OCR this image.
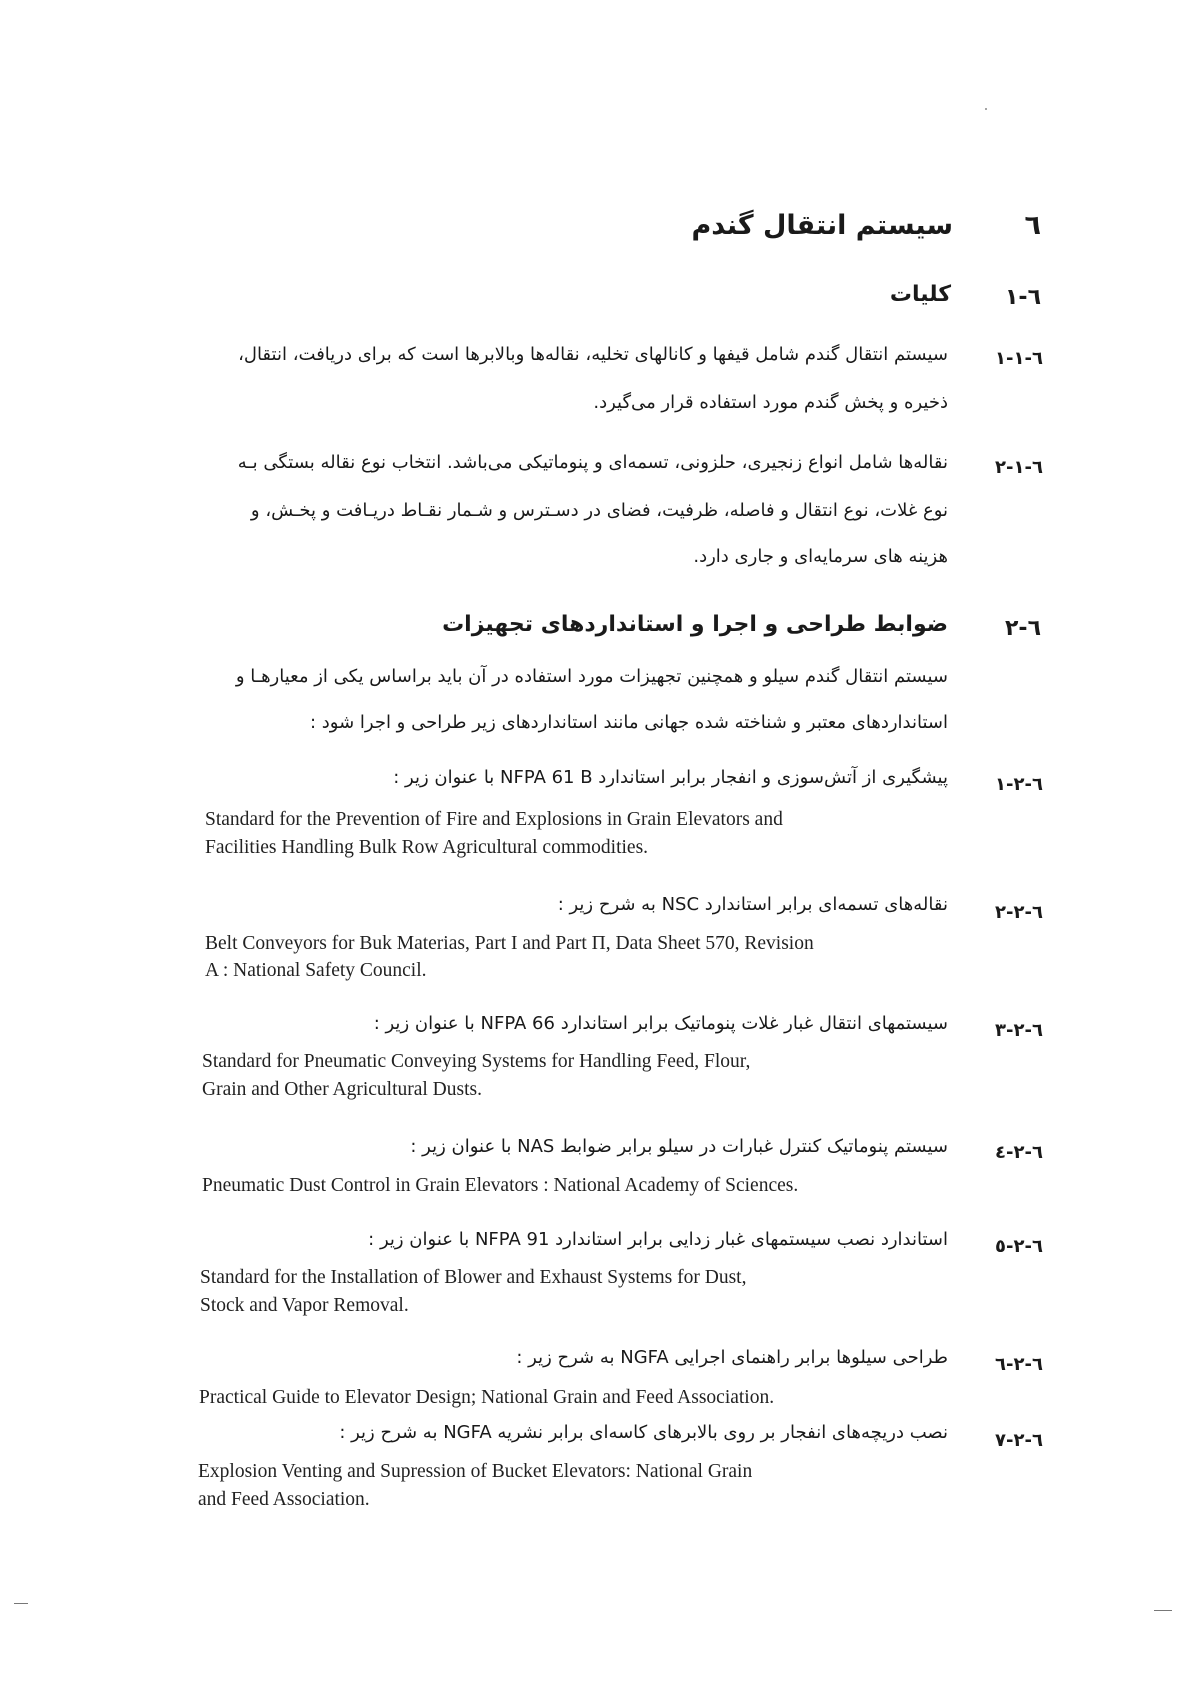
٦
سیستم انتقال گندم
٦-١
کلیات
٦-١-١
سیستم انتقال گندم شامل قیفها و کانالهای تخلیه، نقاله‌ها وبالابرها است که برای دریافت، انتقال،
ذخیره و پخش گندم مورد استفاده قرار می‌گیرد.
٦-١-٢
نقاله‌ها شامل انواع زنجیری، حلزونی، تسمه‌ای و پنوماتیکی می‌باشد. انتخاب نوع نقاله بستگی بـه
نوع غلات، نوع انتقال و فاصله، ظرفیت، فضای در دسـترس و شـمار نقـاط دریـافت و پخـش، و
هزینه های سرمایه‌ای و جاری دارد.
٦-٢
ضوابط طراحی و اجرا و استانداردهای تجهیزات
سیستم انتقال گندم سیلو و همچنین تجهیزات مورد استفاده در آن باید براساس یکی از معیارهـا و
استانداردهای معتبر و شناخته شده جهانی مانند استانداردهای زیر طراحی و اجرا شود :
٦-٢-١
پیشگیری از آتش‌سوزی و انفجار برابر استاندارد NFPA 61 B با عنوان زیر :
Standard for the Prevention of Fire and Explosions in Grain Elevators and
Facilities Handling Bulk Row Agricultural commodities.
٦-٢-٢
نقاله‌های تسمه‌ای برابر استاندارد NSC به شرح زیر :
Belt Conveyors for Buk Materias, Part I and Part П, Data Sheet 570, Revision
A : National Safety Council.
٦-٢-٣
سیستمهای انتقال غبار غلات پنوماتیک برابر استاندارد NFPA 66 با عنوان زیر :
Standard for Pneumatic Conveying Systems for Handling Feed, Flour,
Grain and Other Agricultural Dusts.
٦-٢-٤
سیستم پنوماتیک کنترل غبارات در سیلو برابر ضوابط NAS با عنوان زیر :
Pneumatic Dust Control in Grain Elevators : National Academy of Sciences.
٦-٢-٥
استاندارد نصب سیستمهای غبار زدایی برابر استاندارد NFPA 91 با عنوان زیر :
Standard for the Installation of Blower and Exhaust Systems for Dust,
Stock and Vapor Removal.
٦-٢-٦
طراحی سیلوها برابر راهنمای اجرایی NGFA به شرح زیر :
Practical Guide to Elevator Design; National Grain and Feed Association.
٦-٢-٧
نصب دریچه‌های انفجار بر روی بالابرهای کاسه‌ای برابر نشریه NGFA به شرح زیر :
Explosion Venting and Supression of Bucket Elevators: National Grain
and Feed Association.
